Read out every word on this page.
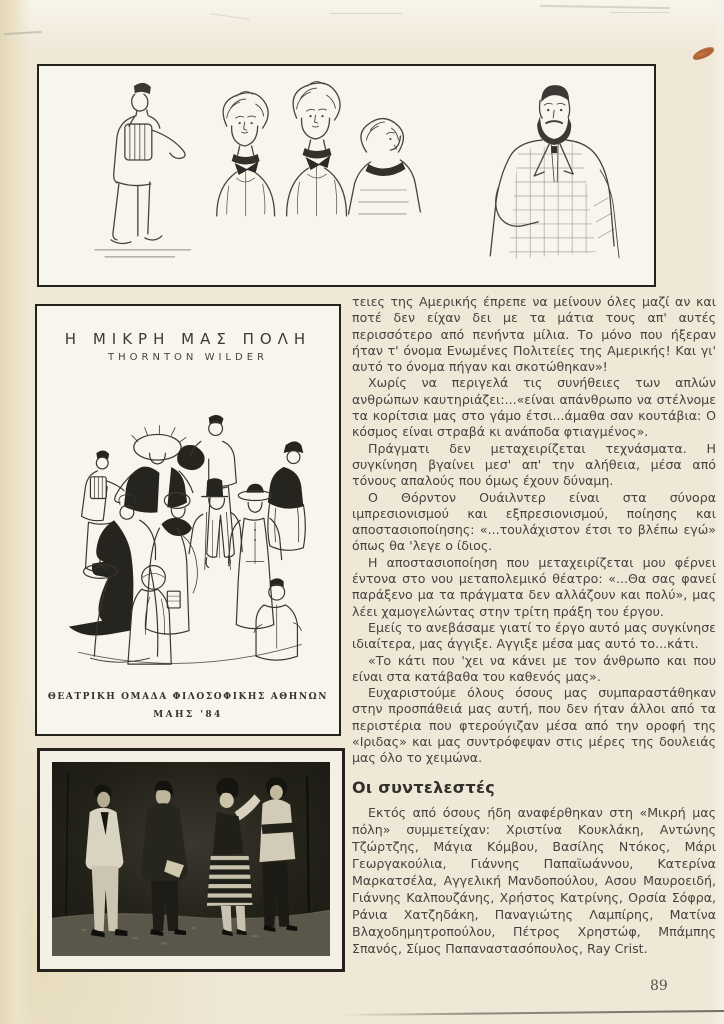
Η ΜΙΚΡΗ ΜΑΣ ΠΟΛΗ
THORNTON WILDER
ΘΕΑΤΡΙΚΗ ΟΜΑΔΑ ΦΙΛΟΣΟΦΙΚΗΣ ΑΘΗΝΩΝ
ΜΑΗΣ '84

τειες της Αμερικής έπρεπε να μείνουν όλες μαζί αν και ποτέ δεν είχαν δει με τα μάτια τους απ' αυτές περισσότερο από πενήντα μίλια. Το μόνο που ήξεραν ήταν τ' όνομα Ενωμένες Πολιτείες της Αμερικής! Και γι' αυτό το όνομα πήγαν και σκοτώθηκαν»!

Χωρίς να περιγελά τις συνήθειες των απλών ανθρώπων καυτηριάζει:...«είναι απάνθρωπο να στέλνομε τα κορίτσια μας στο γάμο έτσι...άμαθα σαν κουτάβια: Ο κόσμος είναι στραβά κι ανάποδα φτιαγμένος».

Πράγματι δεν μεταχειρίζεται τεχνάσματα. Η συγκίνηση βγαίνει μεσ' απ' την αλήθεια, μέσα από τόνους απαλούς που όμως έχουν δύναμη.

Ο Θόρντον Ουάιλντερ είναι στα σύνορα ιμπρεσιονισμού και εξπρεσιονισμού, ποίησης και αποστασιοποίησης: «...τουλάχιστον έτσι το βλέπω εγώ» όπως θα 'λεγε ο ίδιος.

Η αποστασιοποίηση που μεταχειρίζεται μου φέρνει έντονα στο νου μεταπολεμικό θέατρο: «...Θα σας φανεί παράξενο μα τα πράγματα δεν αλλάζουν και πολύ», μας λέει χαμογελώντας στην τρίτη πράξη του έργου.

Εμείς το ανεβάσαμε γιατί το έργο αυτό μας συγκίνησε ιδιαίτερα, μας άγγιξε. Αγγιξε μέσα μας αυτό το...κάτι.

«Το κάτι που 'χει να κάνει με τον άνθρωπο και που είναι στα κατάβαθα του καθενός μας».

Ευχαριστούμε όλους όσους μας συμπαραστάθηκαν στην προσπάθειά μας αυτή, που δεν ήταν άλλοι από τα περιστέρια που φτερούγιζαν μέσα από την οροφή της «Ιριδας» και μας συντρόφεψαν στις μέρες της δουλειάς μας όλο το χειμώνα.

Οι συντελεστές

Εκτός από όσους ήδη αναφέρθηκαν στη «Μικρή μας πόλη» συμμετείχαν: Χριστίνα Κουκλάκη, Αντώνης Τζώρτζης, Μάγια Κόμβου, Βασίλης Ντόκος, Μάρι Γεωργακούλια, Γιάννης Παπαϊωάννου, Κατερίνα Μαρκατσέλα, Αγγελική Μανδοπούλου, Ασου Μαυροειδή, Γιάννης Καλπουζάνης, Χρήστος Κατρίνης, Ορσία Σόφρα, Ράνια Χατζηδάκη, Παναγιώτης Λαμπίρης, Ματίνα Βλαχοδημητροπούλου, Πέτρος Χρηστώφ, Μπάμπης Σπανός, Σίμος Παπαναστασόπουλος, Ray Crist.

89
